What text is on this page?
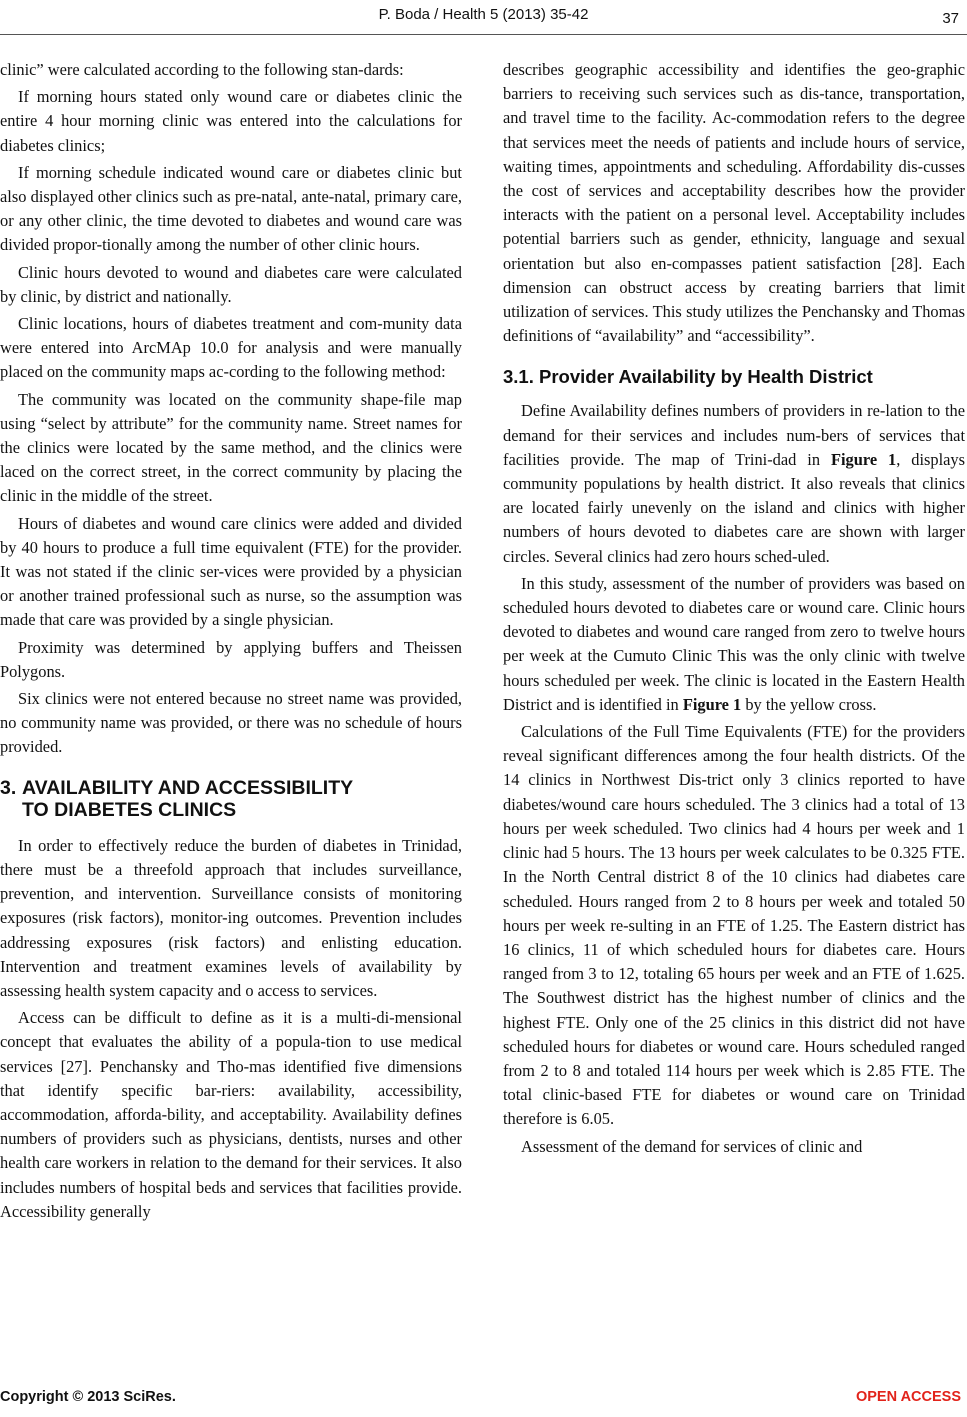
P. Boda / Health 5 (2013) 35-42	37

clinic” were calculated according to the following stan-dards:

If morning hours stated only wound care or diabetes clinic the entire 4 hour morning clinic was entered into the calculations for diabetes clinics;

If morning schedule indicated wound care or diabetes clinic but also displayed other clinics such as pre-natal, ante-natal, primary care, or any other clinic, the time devoted to diabetes and wound care was divided propor-tionally among the number of other clinic hours.

Clinic hours devoted to wound and diabetes care were calculated by clinic, by district and nationally.

Clinic locations, hours of diabetes treatment and com-munity data were entered into ArcMAp 10.0 for analysis and were manually placed on the community maps ac-cording to the following method:

The community was located on the community shape-file map using “select by attribute” for the community name. Street names for the clinics were located by the same method, and the clinics were laced on the correct street, in the correct community by placing the clinic in the middle of the street.

Hours of diabetes and wound care clinics were added and divided by 40 hours to produce a full time equivalent (FTE) for the provider. It was not stated if the clinic ser-vices were provided by a physician or another trained professional such as nurse, so the assumption was made that care was provided by a single physician.

Proximity was determined by applying buffers and Theissen Polygons.

Six clinics were not entered because no street name was provided, no community name was provided, or there was no schedule of hours provided.

3. AVAILABILITY AND ACCESSIBILITY
TO DIABETES CLINICS

In order to effectively reduce the burden of diabetes in Trinidad, there must be a threefold approach that includes surveillance, prevention, and intervention. Surveillance consists of monitoring exposures (risk factors), monitor-ing outcomes. Prevention includes addressing exposures (risk factors) and enlisting education. Intervention and treatment examines levels of availability by assessing health system capacity and o access to services.

Access can be difficult to define as it is a multi-di-mensional concept that evaluates the ability of a popula-tion to use medical services [27]. Penchansky and Tho-mas identified five dimensions that identify specific bar-riers: availability, accessibility, accommodation, afforda-bility, and acceptability. Availability defines numbers of providers such as physicians, dentists, nurses and other health care workers in relation to the demand for their services. It also includes numbers of hospital beds and services that facilities provide. Accessibility generally

describes geographic accessibility and identifies the geo-graphic barriers to receiving such services such as dis-tance, transportation, and travel time to the facility. Ac-commodation refers to the degree that services meet the needs of patients and include hours of service, waiting times, appointments and scheduling. Affordability dis-cusses the cost of services and acceptability describes how the provider interacts with the patient on a personal level. Acceptability includes potential barriers such as gender, ethnicity, language and sexual orientation but also en-compasses patient satisfaction [28]. Each dimension can obstruct access by creating barriers that limit utilization of services. This study utilizes the Penchansky and Thomas definitions of “availability” and “accessibility”.

3.1. Provider Availability by Health District

Define Availability defines numbers of providers in re-lation to the demand for their services and includes num-bers of services that facilities provide. The map of Trini-dad in Figure 1, displays community populations by health district. It also reveals that clinics are located fairly unevenly on the island and clinics with higher numbers of hours devoted to diabetes care are shown with larger circles. Several clinics had zero hours sched-uled.

In this study, assessment of the number of providers was based on scheduled hours devoted to diabetes care or wound care. Clinic hours devoted to diabetes and wound care ranged from zero to twelve hours per week at the Cumuto Clinic This was the only clinic with twelve hours scheduled per week. The clinic is located in the Eastern Health District and is identified in Figure 1 by the yellow cross.

Calculations of the Full Time Equivalents (FTE) for the providers reveal significant differences among the four health districts. Of the 14 clinics in Northwest Dis-trict only 3 clinics reported to have diabetes/wound care hours scheduled. The 3 clinics had a total of 13 hours per week scheduled. Two clinics had 4 hours per week and 1 clinic had 5 hours. The 13 hours per week calculates to be 0.325 FTE. In the North Central district 8 of the 10 clinics had diabetes care scheduled. Hours ranged from 2 to 8 hours per week and totaled 50 hours per week re-sulting in an FTE of 1.25. The Eastern district has 16 clinics, 11 of which scheduled hours for diabetes care. Hours ranged from 3 to 12, totaling 65 hours per week and an FTE of 1.625. The Southwest district has the highest number of clinics and the highest FTE. Only one of the 25 clinics in this district did not have scheduled hours for diabetes or wound care. Hours scheduled ranged from 2 to 8 and totaled 114 hours per week which is 2.85 FTE. The total clinic-based FTE for diabetes or wound care on Trinidad therefore is 6.05.

Assessment of the demand for services of clinic and

Copyright © 2013 SciRes.	OPEN ACCESS
